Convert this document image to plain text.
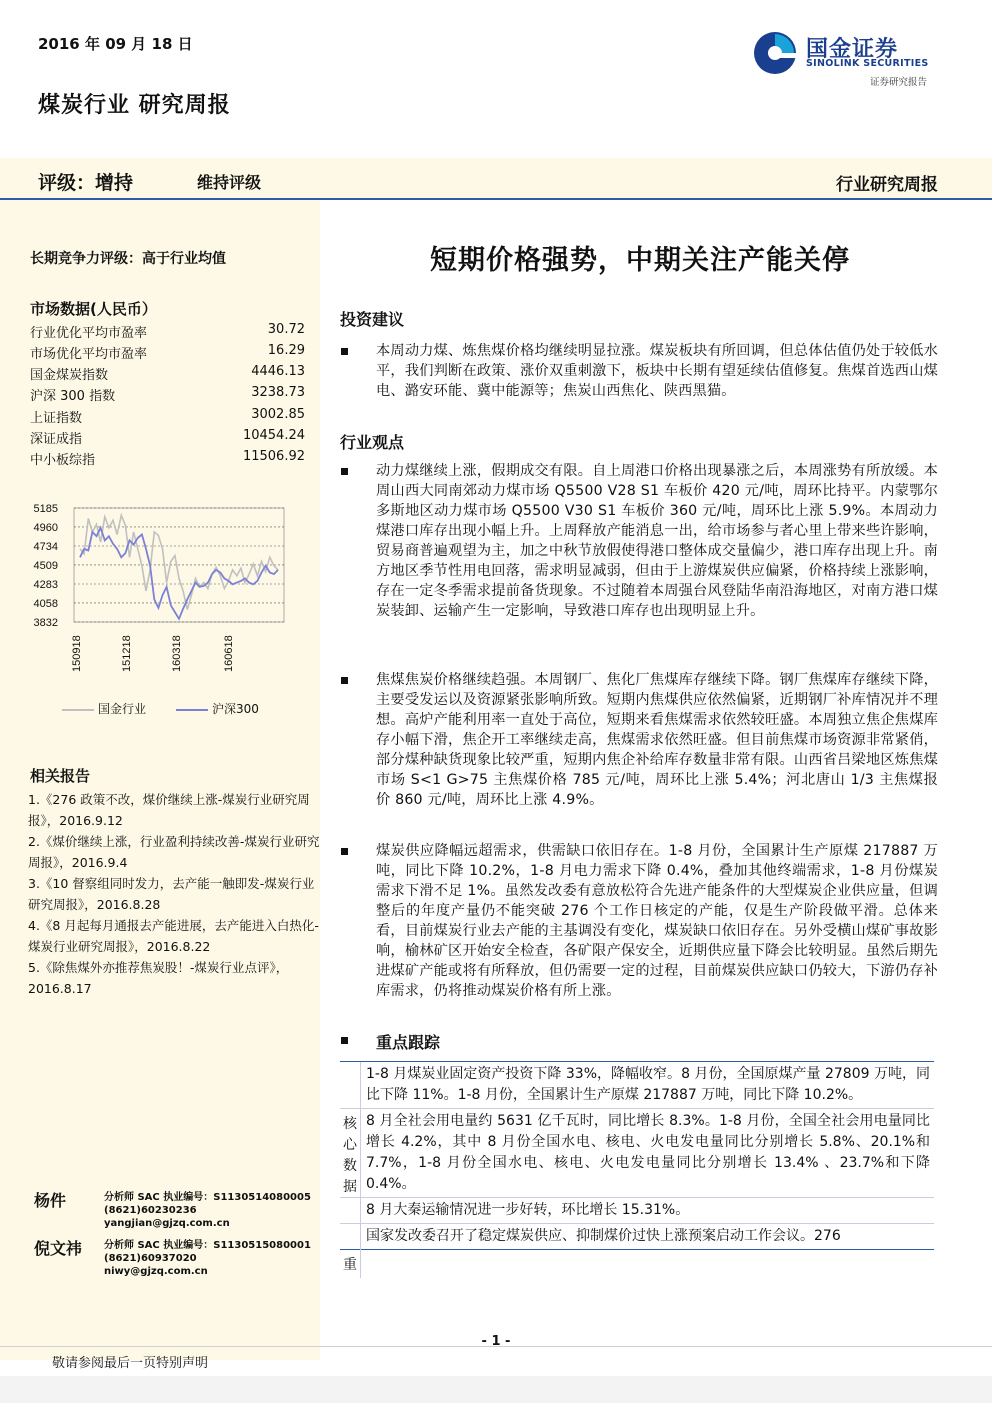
2016 年 09 月 18 日	国金证券
SINOLINK SECURITIES
证券研究报告
煤炭行业 研究周报
评级：增持	维持评级	行业研究周报
长期竞争力评级：高于行业均值	短期价格强势，中期关注产能关停
市场数据(人民币）
行业优化平均市盈率	30.72
市场优化平均市盈率	16.29
国金煤炭指数	4446.13
沪深 300 指数	3238.73
上证指数	3002.85
深证成指	10454.24
中小板综指	11506.92
5185
4960
4734
4509
4283
4058
3832
150918	151218	160318	160618
国金行业	沪深300
相关报告

1.《276 政策不改，煤价继续上涨-煤炭行业研究周报》，2016.9.12

2.《煤价继续上涨，行业盈利持续改善-煤炭行业研究周报》，2016.9.4

3.《10 督察组同时发力，去产能一触即发-煤炭行业研究周报》，2016.8.28

4.《8 月起每月通报去产能进展，去产能进入白热化-煤炭行业研究周报》，2016.8.22

5.《除焦煤外亦推荐焦炭股！-煤炭行业点评》，2016.8.17

杨件	分析师 SAC 执业编号：S1130514080005
(8621)60230236
yangjian@gjzq.com.cn
倪文祎 分析师 SAC 执业编号：S1130515080001
(8621)60937020
niwy@gjzq.com.cn
投资建议
本周动力煤、炼焦煤价格均继续明显拉涨。煤炭板块有所回调，但总体估值仍处于较低水平，我们判断在政策、涨价双重刺激下，板块中长期有望延续估值修复。焦煤首选西山煤电、潞安环能、冀中能源等；焦炭山西焦化、陕西黑猫。
行业观点
动力煤继续上涨，假期成交有限。自上周港口价格出现暴涨之后，本周涨势有所放缓。本周山西大同南郊动力煤市场 Q5500 V28 S1 车板价 420 元/吨，周环比持平。内蒙鄂尔多斯地区动力煤市场 Q5500 V30 S1 车板价 360 元/吨，周环比上涨 5.9%。本周动力煤港口库存出现小幅上升。上周释放产能消息一出，给市场参与者心里上带来些许影响，贸易商普遍观望为主，加之中秋节放假使得港口整体成交量偏少，港口库存出现上升。南方地区季节性用电回落，需求明显减弱，但由于上游煤炭供应偏紧，价格持续上涨影响，存在一定冬季需求提前备货现象。不过随着本周强台风登陆华南沿海地区，对南方港口煤炭装卸、运输产生一定影响，导致港口库存也出现明显上升。
焦煤焦炭价格继续趋强。本周钢厂、焦化厂焦煤库存继续下降。钢厂焦煤库存继续下降，主要受发运以及资源紧张影响所致。短期内焦煤供应依然偏紧，近期钢厂补库情况并不理想。高炉产能利用率一直处于高位，短期来看焦煤需求依然较旺盛。本周独立焦企焦煤库存小幅下滑，焦企开工率继续走高，焦煤需求依然旺盛。但目前焦煤市场资源非常紧俏，部分煤种缺货现象比较严重，短期内焦企补给库存数量非常有限。山西省吕梁地区炼焦煤市场 S<1 G>75 主焦煤价格 785 元/吨，周环比上涨 5.4%；河北唐山 1/3 主焦煤报价 860 元/吨，周环比上涨 4.9%。
煤炭供应降幅远超需求，供需缺口依旧存在。1-8 月份，全国累计生产原煤 217887 万吨，同比下降 10.2%，1-8 月电力需求下降 0.4%，叠加其他终端需求，1-8 月份煤炭需求下滑不足 1%。虽然发改委有意放松符合先进产能条件的大型煤炭企业供应量，但调整后的年度产量仍不能突破 276 个工作日核定的产能，仅是生产阶段做平滑。总体来看，目前煤炭行业去产能的主基调没有变化，煤炭缺口依旧存在。另外受横山煤矿事故影响，榆林矿区开始安全检查，各矿限产保安全，近期供应量下降会比较明显。虽然后期先进煤矿产能或将有所释放，但仍需要一定的过程，目前煤炭供应缺口仍较大，下游仍存补库需求，仍将推动煤炭价格有所上涨。
重点跟踪
1-8 月煤炭业固定资产投资下降 33%，降幅收窄。8 月份，全国原煤产量 27809 万吨，同比下降 11%。1-8 月份，全国累计生产原煤 217887 万吨，同比下降 10.2%。
8 月全社会用电量约 5631 亿千瓦时，同比增长 8.3%。1-8 月份，全国全社会用电量同比增长 4.2%，其中 8 月份全国水电、核电、火电发电量同比分别增长 5.8%、20.1%和 7.7%，1-8 月份全国水电、核电、火电发电量同比分别增长 13.4% 、23.7%和下降 0.4%。
8 月大秦运输情况进一步好转，环比增长 15.31%。
国家发改委召开了稳定煤炭供应、抑制煤价过快上涨预案启动工作会议。276
核心数据
重
- 1 -
敬请参阅最后一页特别声明
